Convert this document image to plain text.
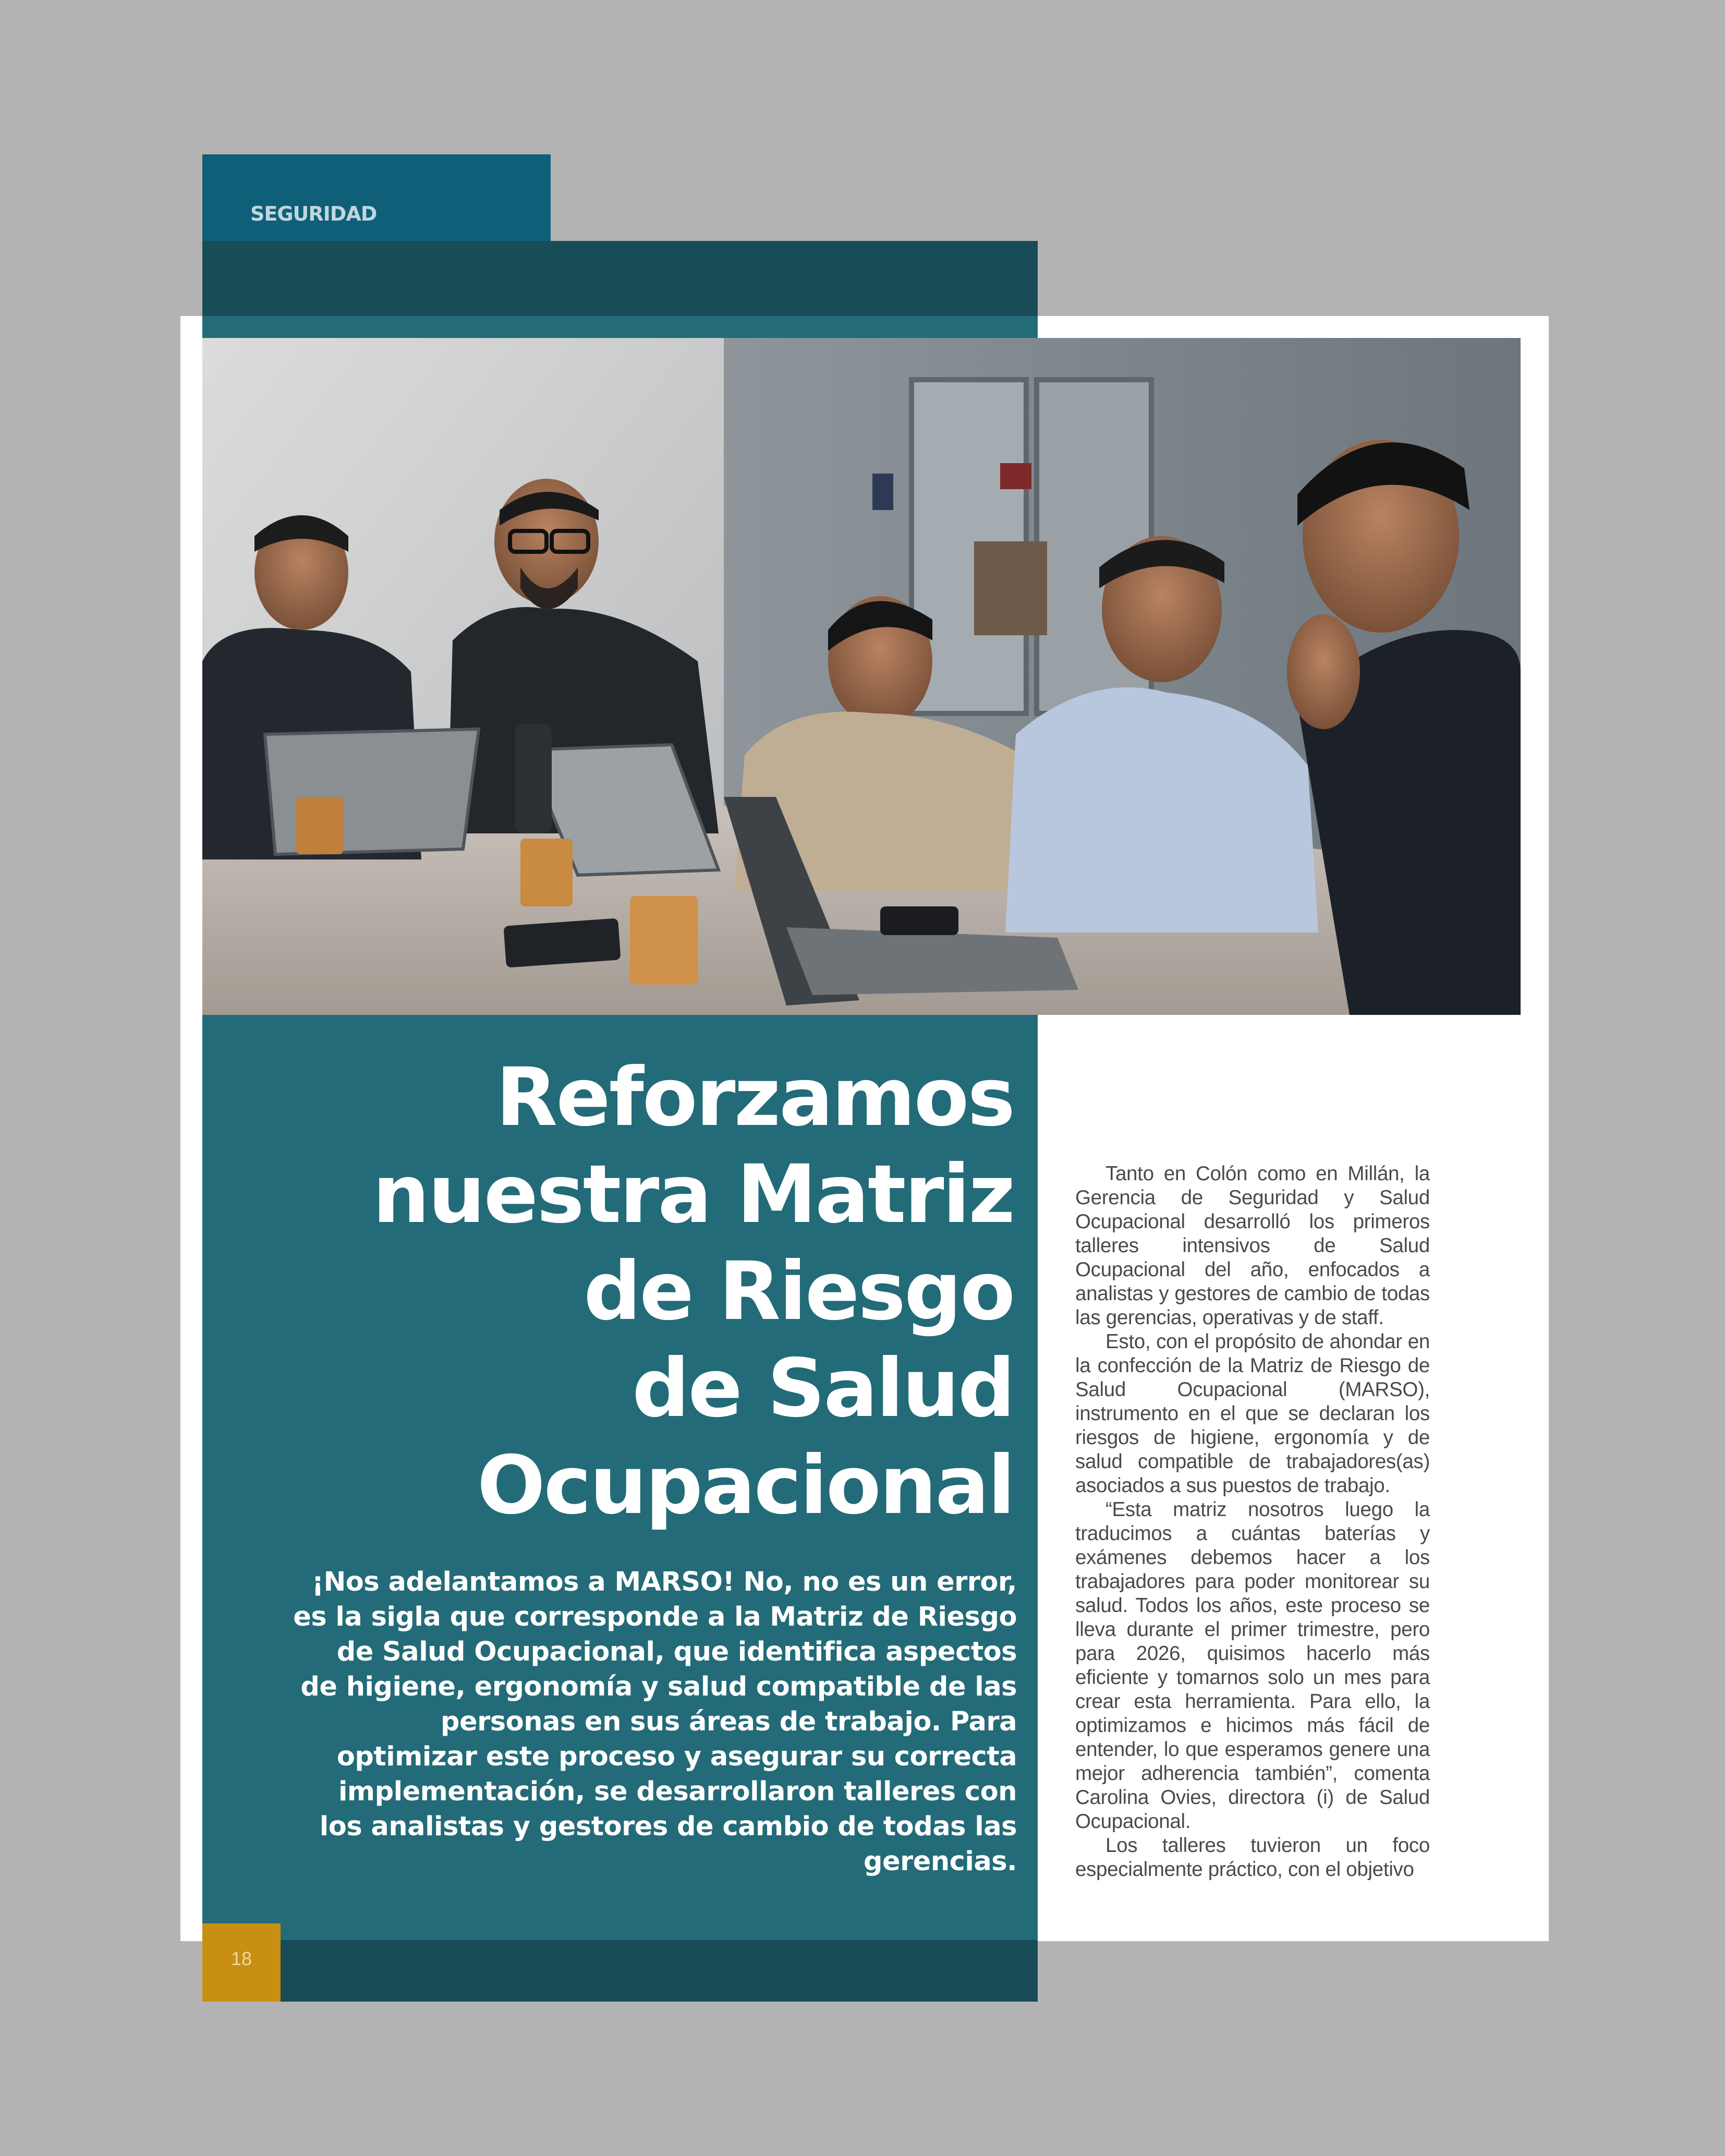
SEGURIDAD
18
Reforzamos
nuestra Matriz
de Riesgo
de Salud
Ocupacional

¡Nos adelantamos a MARSO! No, no es un error, es la sigla que corresponde a la Matriz de Riesgo de Salud Ocupacional, que identifica aspectos de higiene, ergonomía y salud compatible de las personas en sus áreas de trabajo. Para optimizar este proceso y asegurar su correcta implementación, se desarrollaron talleres con los analistas y gestores de cambio de todas las gerencias.

Tanto en Colón como en Millán, la Gerencia de Seguridad y Salud Ocupacional desarrolló los primeros talleres intensivos de Salud Ocupacional del año, enfocados a analistas y gestores de cambio de todas las gerencias, operativas y de staff.

Esto, con el propósito de ahondar en la confección de la Matriz de Riesgo de Salud Ocupacional (MARSO), instrumento en el que se declaran los riesgos de higiene, ergonomía y de salud compatible de trabajadores(as) asociados a sus puestos de trabajo.

“Esta matriz nosotros luego la traducimos a cuántas baterías y exámenes debemos hacer a los trabajadores para poder monitorear su salud. Todos los años, este proceso se lleva durante el primer trimestre, pero para 2026, quisimos hacerlo más eficiente y tomarnos solo un mes para crear esta herramienta. Para ello, la optimizamos e hicimos más fácil de entender, lo que esperamos genere una mejor adherencia también”, comenta Carolina Ovies, directora (i) de Salud Ocupacional.

Los talleres tuvieron un foco especialmente práctico, con el objetivo
